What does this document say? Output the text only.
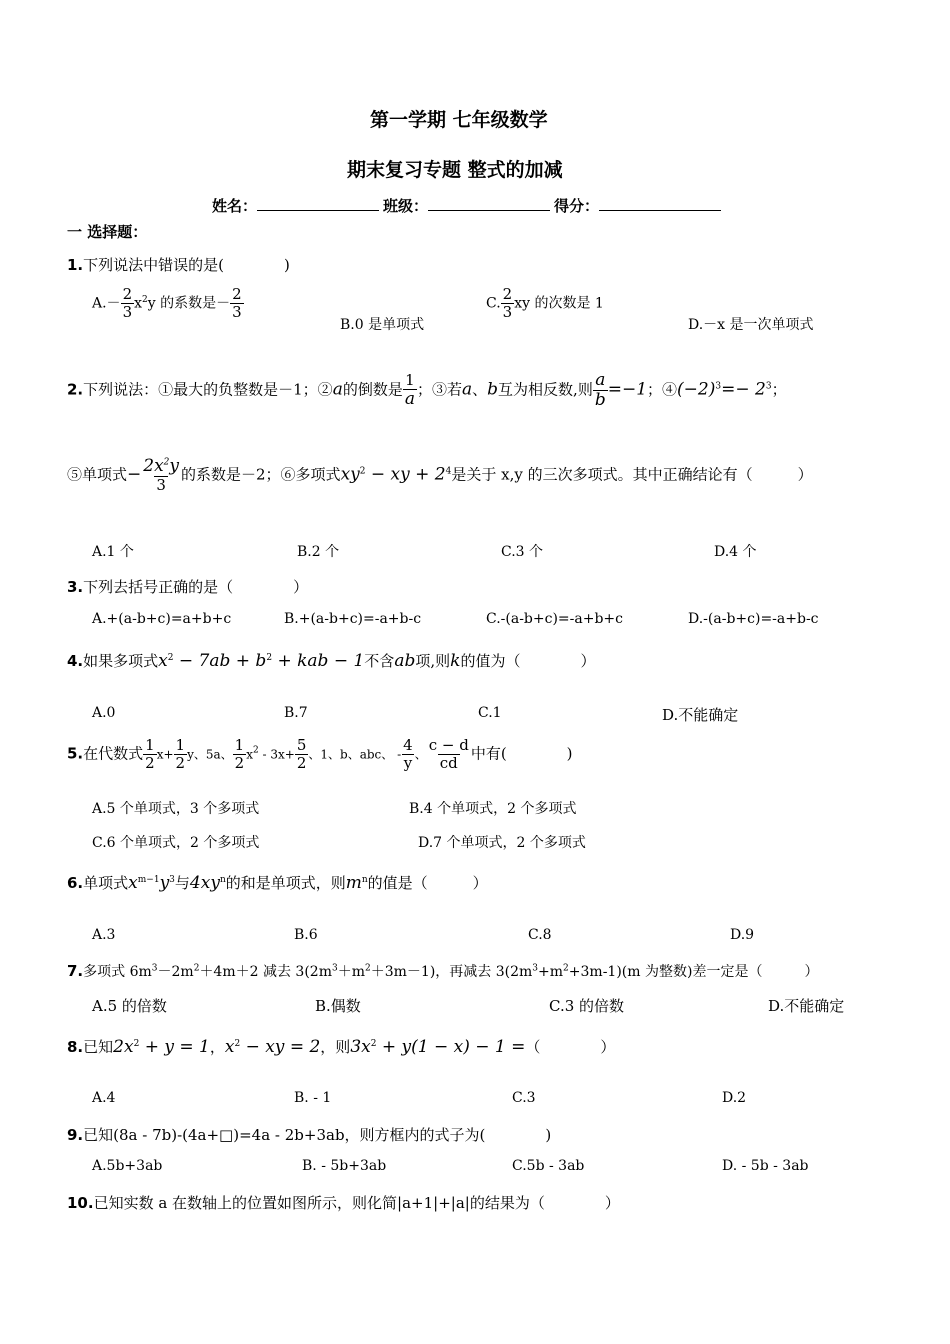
第一学期 七年级数学
期末复习专题 整式的加减
姓名：	班级：	得分：
一 选择题：
1.下列说法中错误的是(　　　　)
$A.- \frac{2}{3} x^2y$ 的系数是－ $\frac{2}{3}$
B.0 是单项式
C. $\frac{2}{3}$ xy 的次数是 1
D.－x 是一次单项式
2.下列说法：①最大的负整数是－1；②a的倒数是 $\frac{1}{a}$ ；③若a、b互为相反数,则 $\frac{a}{b} =-1$；$④(-2)^3=- 2^3$；
⑤单项式− $\frac{2x^2y}{3}$ 的系数是－2；⑥多项式$xy^2$ − xy + $2^4$是关于 x,y 的三次多项式。其中正确结论有（　　　）
A.1 个	B.2 个	C.3 个	D.4 个
3.下列去括号正确的是（　　　　）
A.+(a-b+c)=a+b+c	B.+(a-b+c)=-a+b-c	C.-(a-b+c)=-a+b+c	D.-(a-b+c)=-a+b-c
4.如果多项式$x^2 - 7ab + b^2$ + kab − 1不含ab项,则k的值为（　　　　）
A.0	B.7	C.1	D.不能确定
5.在代数式 $\frac{1}{2} x+ \frac{1}{2}$ y、5a、 $\frac{1}{2} x^2 - 3x+ \frac{5}{2}$ 、1、b、abc、 - $\frac{4}{y}$ 、 $\frac{c - d}{cd}$ 中有(　　　　)
A.5 个单项式，3 个多项式	B.4 个单项式，2 个多项式
C.6 个单项式，2 个多项式	D.7 个单项式，2 个多项式
6.单项式$x^{m-1}y^3$与$4xy^n$的和是单项式，则$m^n$的值是（　　　）
A.3	B.6	C.8	D.9
7.多项式 $6m^3-2m^2+4m+2$ 减去 $3(2m^3+m^2+3m-1)$，再减去 $3(2m^3+m^2+3m-1)(m$ 为整数)差一定是（　　　）
A.5 的倍数	B.偶数	C.3 的倍数	D.不能确定
8.已知$2x^2 + y = 1$，$x^2$ − xy = 2，则$3x^2 + y(1 - x) - 1$ =（　　　　）
A.4	B. - 1	C.3	D.2
9.已知(8a - 7b)-(4a+□)=4a - 2b+3ab，则方框内的式子为(　　　　)
A.5b+3ab	B. - 5b+3ab	C.5b - 3ab	D. - 5b - 3ab
10.已知实数 a 在数轴上的位置如图所示，则化简|a+1|+|a|的结果为（　　　　）
